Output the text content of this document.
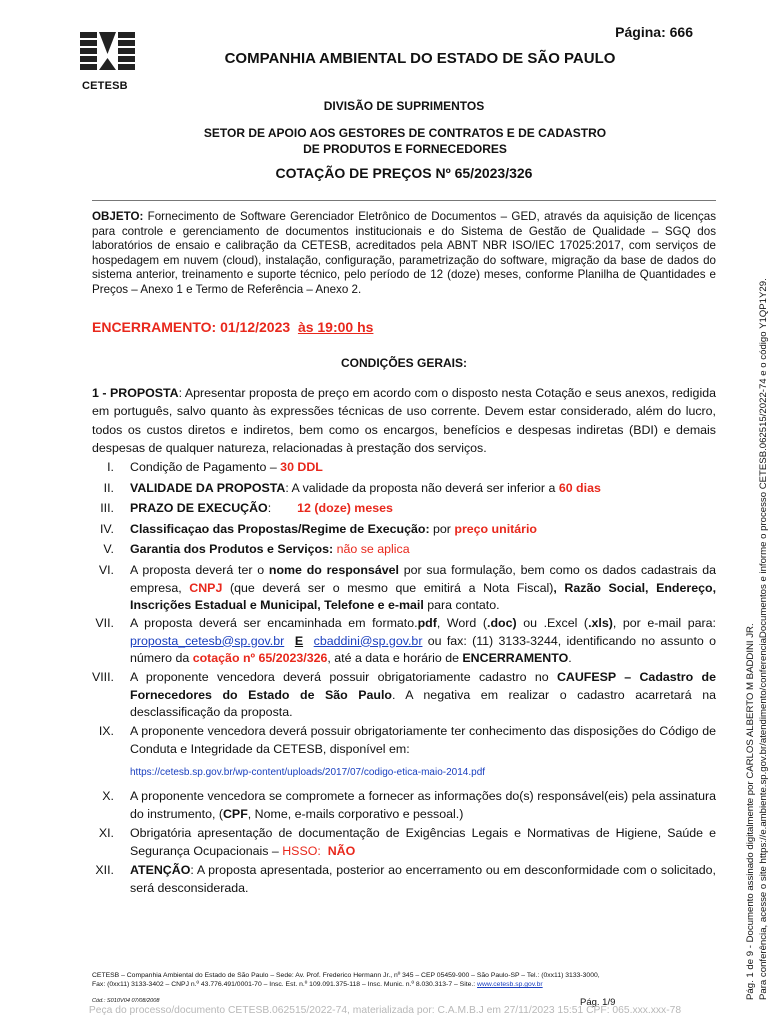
CETESB
Página: 666
COMPANHIA AMBIENTAL DO ESTADO DE SÃO PAULO
DIVISÃO DE SUPRIMENTOS
SETOR DE APOIO AOS GESTORES DE CONTRATOS E DE CADASTRO
DE PRODUTOS E FORNECEDORES
COTAÇÃO DE PREÇOS Nº 65/2023/326
OBJETO: Fornecimento de Software Gerenciador Eletrônico de Documentos – GED, através da aquisição de licenças para controle e gerenciamento de documentos institucionais e do Sistema de Gestão de Qualidade – SGQ dos laboratórios de ensaio e calibração da CETESB, acreditados pela ABNT NBR ISO/IEC 17025:2017, com serviços de hospedagem em nuvem (cloud), instalação, configuração, parametrização do software, migração da base de dados do sistema anterior, treinamento e suporte técnico, pelo período de 12 (doze) meses, conforme Planilha de Quantidades e Preços – Anexo 1 e Termo de Referência – Anexo 2.
ENCERRAMENTO: 01/12/2023 às 19:00 hs
CONDIÇÕES GERAIS:
1 - PROPOSTA: Apresentar proposta de preço em acordo com o disposto nesta Cotação e seus anexos, redigida em português, salvo quanto às expressões técnicas de uso corrente. Devem estar considerado, além do lucro, todos os custos diretos e indiretos, bem como os encargos, benefícios e despesas indiretas (BDI) e demais despesas de qualquer natureza, relacionadas à prestação dos serviços.
I. Condição de Pagamento – 30 DDL
II. VALIDADE DA PROPOSTA: A validade da proposta não deverá ser inferior a 60 dias
III. PRAZO DE EXECUÇÃO: 12 (doze) meses
IV. Classificaçao das Propostas/Regime de Execução: por preço unitário
V. Garantia dos Produtos e Serviços: não se aplica
VI. A proposta deverá ter o nome do responsável por sua formulação, bem como os dados cadastrais da empresa, CNPJ (que deverá ser o mesmo que emitirá a Nota Fiscal), Razão Social, Endereço, Inscrições Estadual e Municipal, Telefone e e-mail para contato.
VII. A proposta deverá ser encaminhada em formato.pdf, Word (.doc) ou .Excel (.xls), por e-mail para: proposta_cetesb@sp.gov.br E cbaddini@sp.gov.br ou fax: (11) 3133-3244, identificando no assunto o número da cotação nº 65/2023/326, até a data e horário de ENCERRAMENTO.
VIII. A proponente vencedora deverá possuir obrigatoriamente cadastro no CAUFESP – Cadastro de Fornecedores do Estado de São Paulo. A negativa em realizar o cadastro acarretará na desclassificação da proposta.
IX. A proponente vencedora deverá possuir obrigatoriamente ter conhecimento das disposições do Código de Conduta e Integridade da CETESB, disponível em:
https://cetesb.sp.gov.br/wp-content/uploads/2017/07/codigo-etica-maio-2014.pdf
X. A proponente vencedora se compromete a fornecer as informações do(s) responsável(eis) pela assinatura do instrumento, (CPF, Nome, e-mails corporativo e pessoal.)
XI. Obrigatória apresentação de documentação de Exigências Legais e Normativas de Higiene, Saúde e Segurança Ocupacionais – HSSO: NÃO
XII. ATENÇÃO: A proposta apresentada, posterior ao encerramento ou em desconformidade com o solicitado, será desconsiderada.
CETESB – Companhia Ambiental do Estado de São Paulo – Sede: Av. Prof. Frederico Hermann Jr., nº 345 – CEP 05459-900 – São Paulo-SP – Tel.: (0xx11) 3133-3000,
Fax: (0xx11) 3133-3402 – CNPJ n.º 43.776.491/0001-70 – Insc. Est. n.º 109.091.375-118 – Insc. Munic. n.º 8.030.313-7 – Site.: www.cetesb.sp.gov.br
Cód.: S010V04 07/08/2008	Pág. 1/9
Peça do processo/documento CETESB.062515/2022-74, materializada por: C.A.M.B.J em 27/11/2023 15:51 CPF: 065.xxx.xxx-78
Pág. 1 de 9 - Documento assinado digitalmente por CARLOS ALBERTO M BADDINI JR. Para conferência, acesse o site https://e.ambiente.sp.gov.br/atendimento/conferenciaDocumentos e informe o processo CETESB.062515/2022-74 e o código Y1QP1Y29.
